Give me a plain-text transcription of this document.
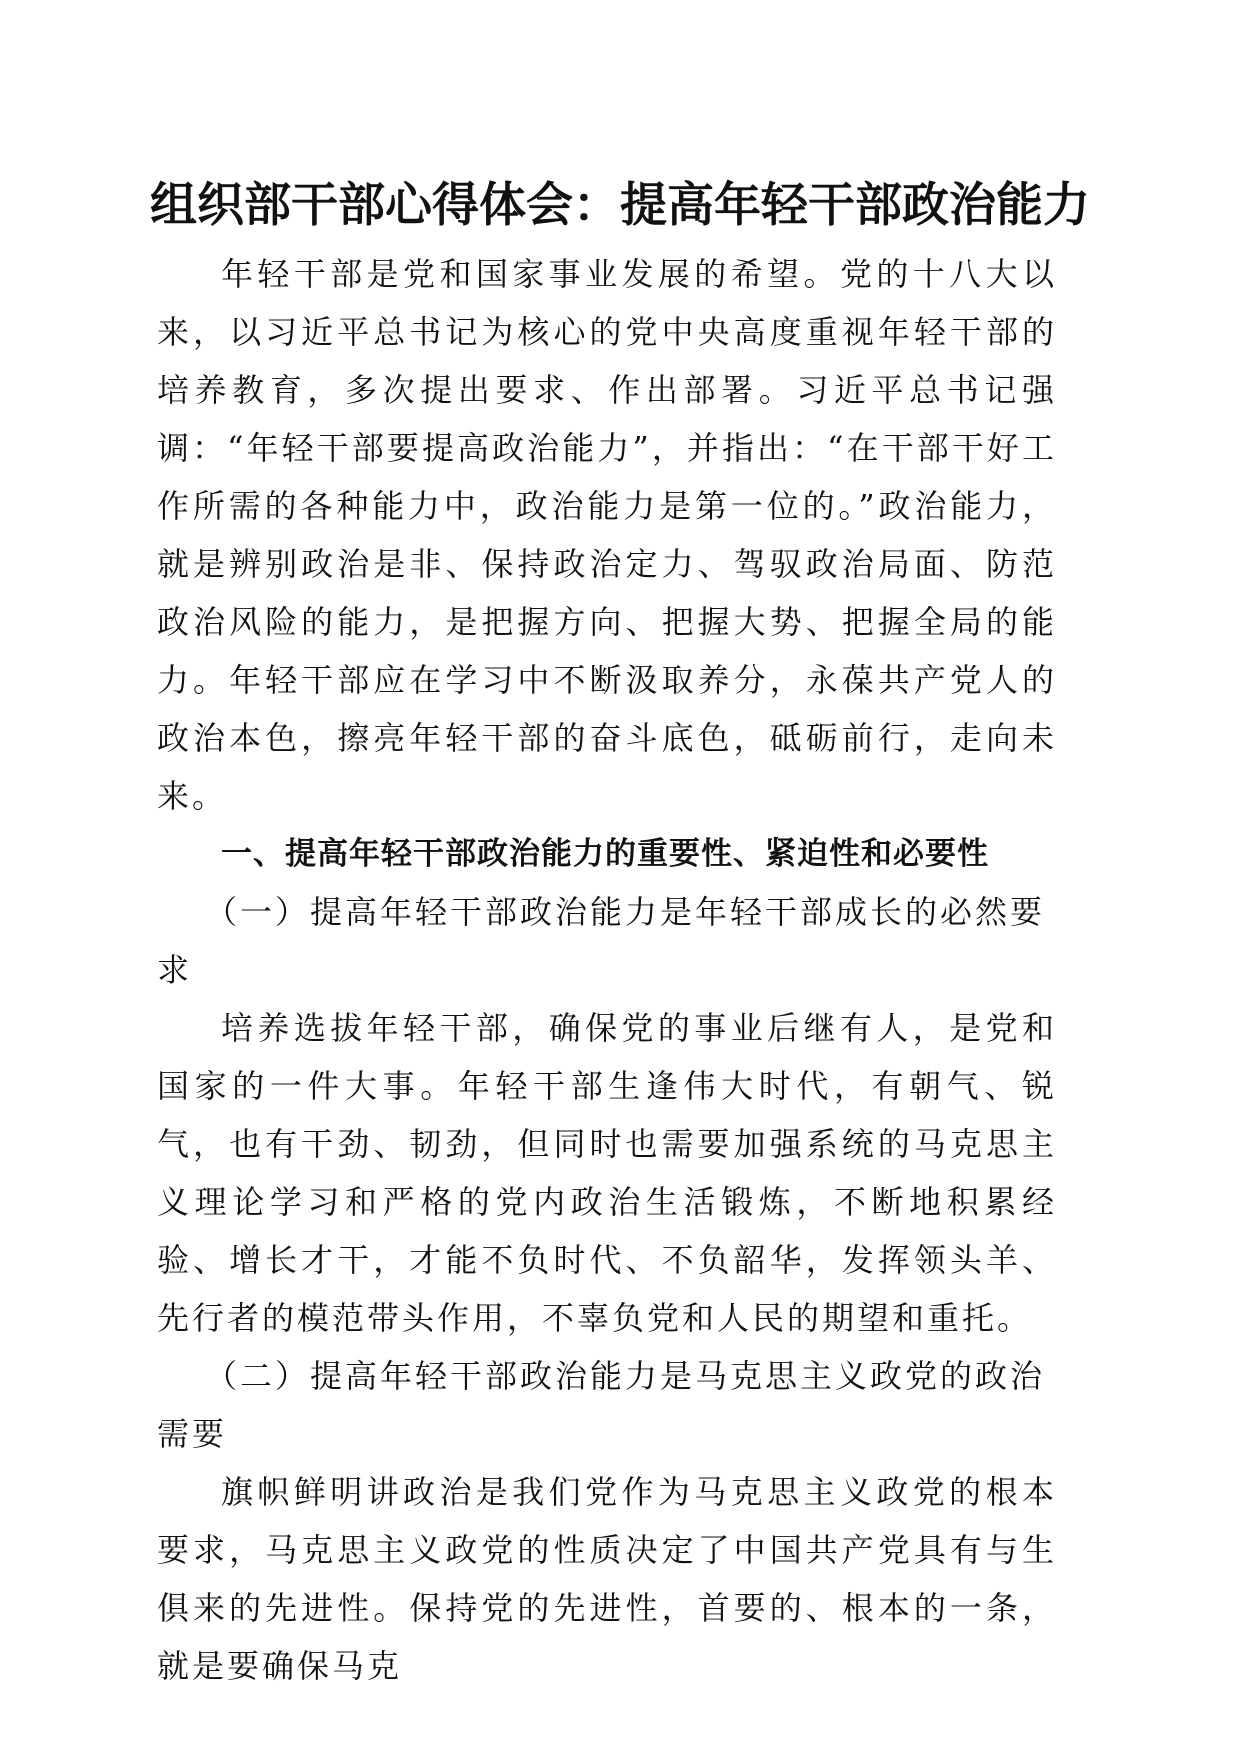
组织部干部心得体会：提高年轻干部政治能力

年轻干部是党和国家事业发展的希望。党的十八大以来，以习近平总书记为核心的党中央高度重视年轻干部的培养教育，多次提出要求、作出部署。习近平总书记强调：“年轻干部要提高政治能力”，并指出：“在干部干好工作所需的各种能力中，政治能力是第一位的。”政治能力，就是辨别政治是非、保持政治定力、驾驭政治局面、防范政治风险的能力，是把握方向、把握大势、把握全局的能力。年轻干部应在学习中不断汲取养分，永葆共产党人的政治本色，擦亮年轻干部的奋斗底色，砥砺前行，走向未来。

一、提高年轻干部政治能力的重要性、紧迫性和必要性

（一）提高年轻干部政治能力是年轻干部成长的必然要求

培养选拔年轻干部，确保党的事业后继有人，是党和国家的一件大事。年轻干部生逢伟大时代，有朝气、锐气，也有干劲、韧劲，但同时也需要加强系统的马克思主义理论学习和严格的党内政治生活锻炼，不断地积累经验、增长才干，才能不负时代、不负韶华，发挥领头羊、先行者的模范带头作用，不辜负党和人民的期望和重托。

（二）提高年轻干部政治能力是马克思主义政党的政治需要

旗帜鲜明讲政治是我们党作为马克思主义政党的根本要求，马克思主义政党的性质决定了中国共产党具有与生俱来的先进性。保持党的先进性，首要的、根本的一条，就是要确保马克
